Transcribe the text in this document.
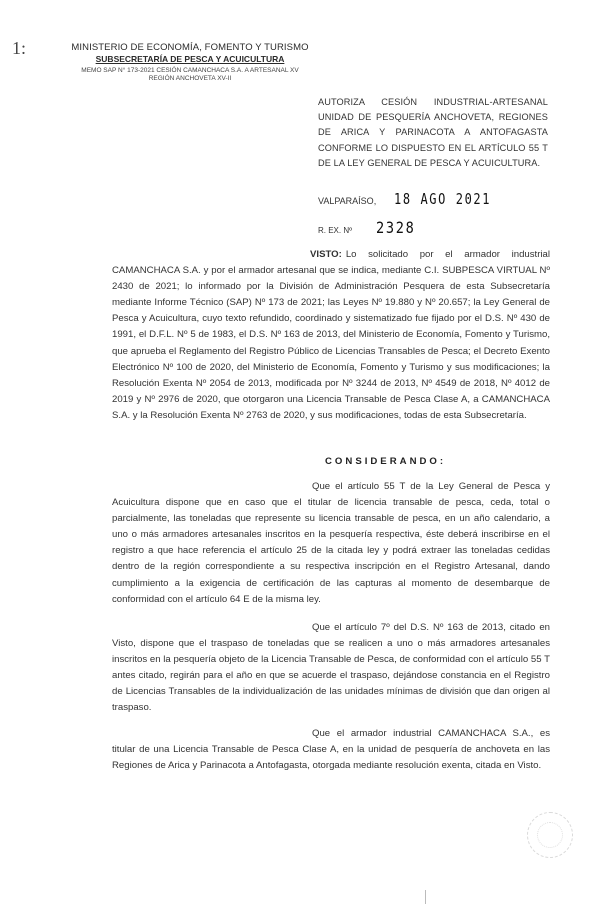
1:	MINISTERIO DE ECONOMÍA, FOMENTO Y TURISMO
SUBSECRETARÍA DE PESCA Y ACUICULTURA
MEMO SAP N° 173-2021 CESIÓN CAMANCHACA S.A. A ARTESANAL XV
REGIÓN ANCHOVETA XV-II
AUTORIZA CESIÓN INDUSTRIAL-ARTESANAL UNIDAD DE PESQUERÍA ANCHOVETA, REGIONES DE ARICA Y PARINACOTA A ANTOFAGASTA CONFORME LO DISPUESTO EN EL ARTÍCULO 55 T DE LA LEY GENERAL DE PESCA Y ACUICULTURA.
VALPARAÍSO, 18 AGO 2021
R. EX. Nº 2328
VISTO: Lo solicitado por el armador industrial CAMANCHACA S.A. y por el armador artesanal que se indica, mediante C.I. SUBPESCA VIRTUAL Nº 2430 de 2021; lo informado por la División de Administración Pesquera de esta Subsecretaría mediante Informe Técnico (SAP) Nº 173 de 2021; las Leyes Nº 19.880 y Nº 20.657; la Ley General de Pesca y Acuicultura, cuyo texto refundido, coordinado y sistematizado fue fijado por el D.S. Nº 430 de 1991, el D.F.L. Nº 5 de 1983, el D.S. Nº 163 de 2013, del Ministerio de Economía, Fomento y Turismo, que aprueba el Reglamento del Registro Público de Licencias Transables de Pesca; el Decreto Exento Electrónico Nº 100 de 2020, del Ministerio de Economía, Fomento y Turismo y sus modificaciones; la Resolución Exenta Nº 2054 de 2013, modificada por Nº 3244 de 2013, Nº 4549 de 2018, Nº 4012 de 2019 y Nº 2976 de 2020, que otorgaron una Licencia Transable de Pesca Clase A, a CAMANCHACA S.A. y la Resolución Exenta Nº 2763 de 2020, y sus modificaciones, todas de esta Subsecretaría.
CONSIDERANDO:
Que el artículo 55 T de la Ley General de Pesca y Acuicultura dispone que en caso que el titular de licencia transable de pesca, ceda, total o parcialmente, las toneladas que represente su licencia transable de pesca, en un año calendario, a uno o más armadores artesanales inscritos en la pesquería respectiva, éste deberá inscribirse en el registro a que hace referencia el artículo 25 de la citada ley y podrá extraer las toneladas cedidas dentro de la región correspondiente a su respectiva inscripción en el Registro Artesanal, dando cumplimiento a la exigencia de certificación de las capturas al momento de desembarque de conformidad con el artículo 64 E de la misma ley.
Que el artículo 7º del D.S. Nº 163 de 2013, citado en Visto, dispone que el traspaso de toneladas que se realicen a uno o más armadores artesanales inscritos en la pesquería objeto de la Licencia Transable de Pesca, de conformidad con el artículo 55 T antes citado, regirán para el año en que se acuerde el traspaso, dejándose constancia en el Registro de Licencias Transables de la individualización de las unidades mínimas de división que dan origen al traspaso.
Que el armador industrial CAMANCHACA S.A., es titular de una Licencia Transable de Pesca Clase A, en la unidad de pesquería de anchoveta en las Regiones de Arica y Parinacota a Antofagasta, otorgada mediante resolución exenta, citada en Visto.
